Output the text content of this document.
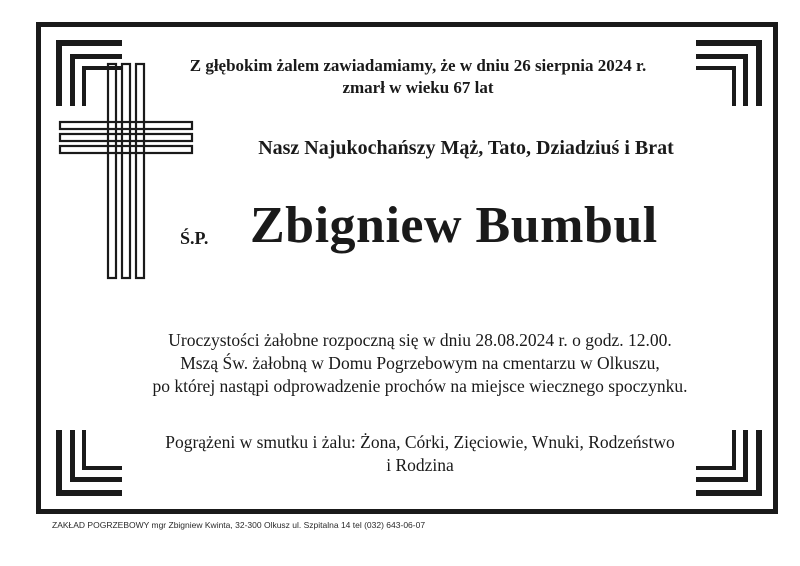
Z głębokim żalem zawiadamiamy, że w dniu 26 sierpnia 2024 r.
zmarł w wieku 67 lat
Nasz Najukochańszy Mąż, Tato, Dziadziuś i Brat
Ś.P. Zbigniew Bumbul
Uroczystości żałobne rozpoczną się w dniu 28.08.2024 r. o godz. 12.00.
Mszą Św. żałobną w Domu Pogrzebowym na cmentarzu w Olkuszu,
po której nastąpi odprowadzenie prochów na miejsce wiecznego spoczynku.
Pogrążeni w smutku i żalu: Żona, Córki, Zięciowie, Wnuki, Rodzeństwo
i Rodzina
ZAKŁAD POGRZEBOWY mgr Zbigniew Kwinta, 32-300 Olkusz ul. Szpitalna 14 tel (032) 643-06-07
